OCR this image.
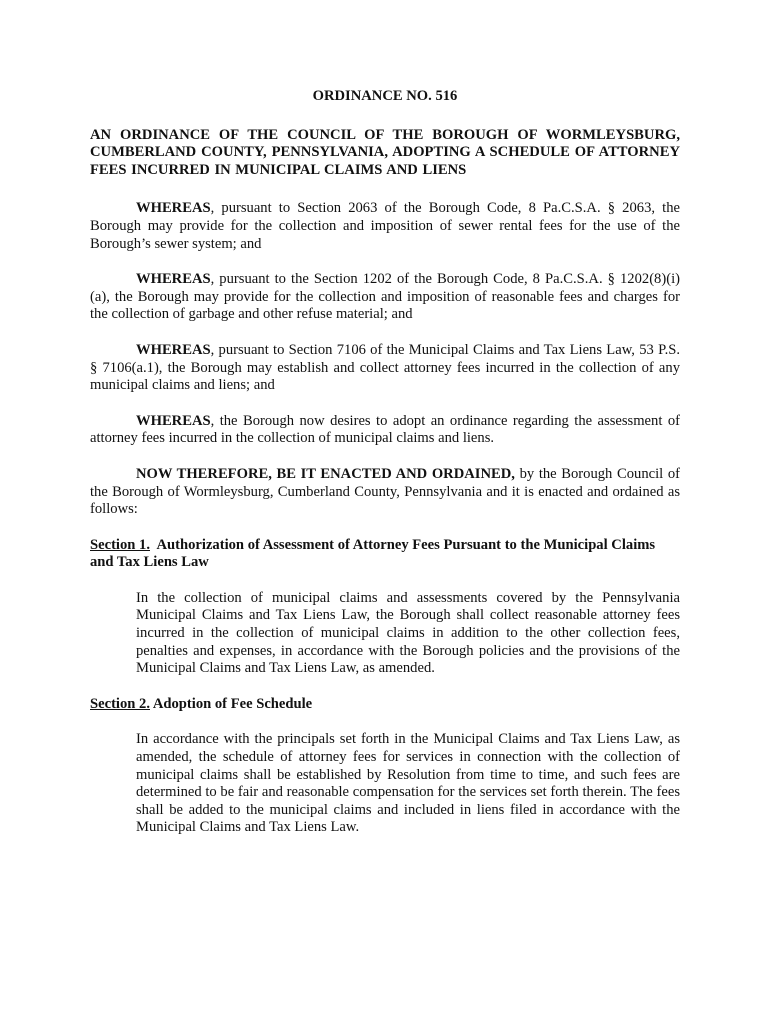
ORDINANCE NO. 516
AN ORDINANCE OF THE COUNCIL OF THE BOROUGH OF WORMLEYSBURG, CUMBERLAND COUNTY, PENNSYLVANIA, ADOPTING A SCHEDULE OF ATTORNEY FEES INCURRED IN MUNICIPAL CLAIMS AND LIENS

WHEREAS, pursuant to Section 2063 of the Borough Code, 8 Pa.C.S.A. § 2063, the Borough may provide for the collection and imposition of sewer rental fees for the use of the Borough’s sewer system; and

WHEREAS, pursuant to the Section 1202 of the Borough Code, 8 Pa.C.S.A. § 1202(8)(i)(a), the Borough may provide for the collection and imposition of reasonable fees and charges for the collection of garbage and other refuse material; and

WHEREAS, pursuant to Section 7106 of the Municipal Claims and Tax Liens Law, 53 P.S. § 7106(a.1), the Borough may establish and collect attorney fees incurred in the collection of any municipal claims and liens; and

WHEREAS, the Borough now desires to adopt an ordinance regarding the assessment of attorney fees incurred in the collection of municipal claims and liens.

NOW THEREFORE, BE IT ENACTED AND ORDAINED, by the Borough Council of the Borough of Wormleysburg, Cumberland County, Pennsylvania and it is enacted and ordained as follows:

Section 1.  Authorization of Assessment of Attorney Fees Pursuant to the Municipal Claims and Tax Liens Law

In the collection of municipal claims and assessments covered by the Pennsylvania Municipal Claims and Tax Liens Law, the Borough shall collect reasonable attorney fees incurred in the collection of municipal claims in addition to the other collection fees, penalties and expenses, in accordance with the Borough policies and the provisions of the Municipal Claims and Tax Liens Law, as amended.

Section 2. Adoption of Fee Schedule

In accordance with the principals set forth in the Municipal Claims and Tax Liens Law, as amended, the schedule of attorney fees for services in connection with the collection of municipal claims shall be established by Resolution from time to time, and such fees are determined to be fair and reasonable compensation for the services set forth therein. The fees shall be added to the municipal claims and included in liens filed in accordance with the Municipal Claims and Tax Liens Law.
